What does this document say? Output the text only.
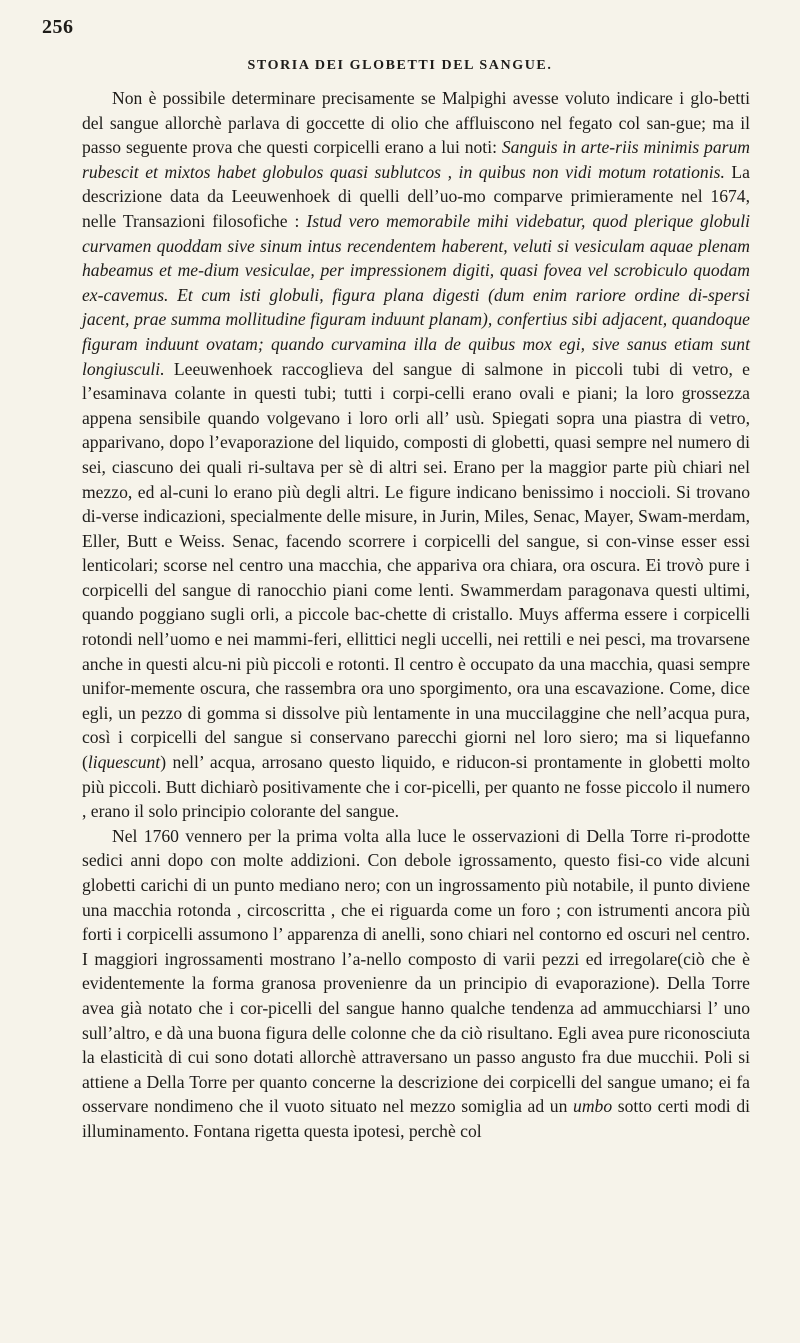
256
STORIA DEI GLOBETTI DEL SANGUE.

Non è possibile determinare precisamente se Malpighi avesse voluto indicare i glo-betti del sangue allorchè parlava di goccette di olio che affluiscono nel fegato col san-gue; ma il passo seguente prova che questi corpicelli erano a lui noti: Sanguis in arte-riis minimis parum rubescit et mixtos habet globulos quasi sublutcos , in quibus non vidi motum rotationis. La descrizione data da Leeuwenhoek di quelli dell’uo-mo comparve primieramente nel 1674, nelle Transazioni filosofiche : Istud vero memorabile mihi videbatur, quod plerique globuli curvamen quoddam sive sinum intus recendentem haberent, veluti si vesiculam aquae plenam habeamus et me-dium vesiculae, per impressionem digiti, quasi fovea vel scrobiculo quodam ex-cavemus. Et cum isti globuli, figura plana digesti (dum enim rariore ordine di-spersi jacent, prae summa mollitudine figuram induunt planam), confertius sibi adjacent, quandoque figuram induunt ovatam; quando curvamina illa de quibus mox egi, sive sanus etiam sunt longiusculi. Leeuwenhoek raccoglieva del sangue di salmone in piccoli tubi di vetro, e l’esaminava colante in questi tubi; tutti i corpi-celli erano ovali e piani; la loro grossezza appena sensibile quando volgevano i loro orli all’ usù. Spiegati sopra una piastra di vetro, apparivano, dopo l’evaporazione del liquido, composti di globetti, quasi sempre nel numero di sei, ciascuno dei quali ri-sultava per sè di altri sei. Erano per la maggior parte più chiari nel mezzo, ed al-cuni lo erano più degli altri. Le figure indicano benissimo i noccioli. Si trovano di-verse indicazioni, specialmente delle misure, in Jurin, Miles, Senac, Mayer, Swam-merdam, Eller, Butt e Weiss. Senac, facendo scorrere i corpicelli del sangue, si con-vinse esser essi lenticolari; scorse nel centro una macchia, che appariva ora chiara, ora oscura. Ei trovò pure i corpicelli del sangue di ranocchio piani come lenti. Swammerdam paragonava questi ultimi, quando poggiano sugli orli, a piccole bac-chette di cristallo. Muys afferma essere i corpicelli rotondi nell’uomo e nei mammi-feri, ellittici negli uccelli, nei rettili e nei pesci, ma trovarsene anche in questi alcu-ni più piccoli e rotonti. Il centro è occupato da una macchia, quasi sempre unifor-memente oscura, che rassembra ora uno sporgimento, ora una escavazione. Come, dice egli, un pezzo di gomma si dissolve più lentamente in una muccilaggine che nell’acqua pura, così i corpicelli del sangue si conservano parecchi giorni nel loro siero; ma si liquefanno (liquescunt) nell’ acqua, arrosano questo liquido, e riducon-si prontamente in globetti molto più piccoli. Butt dichiarò positivamente che i cor-picelli, per quanto ne fosse piccolo il numero , erano il solo principio colorante del sangue.

Nel 1760 vennero per la prima volta alla luce le osservazioni di Della Torre ri-prodotte sedici anni dopo con molte addizioni. Con debole igrossamento, questo fisi-co vide alcuni globetti carichi di un punto mediano nero; con un ingrossamento più notabile, il punto diviene una macchia rotonda , circoscritta , che ei riguarda come un foro ; con istrumenti ancora più forti i corpicelli assumono l’ apparenza di anelli, sono chiari nel contorno ed oscuri nel centro. I maggiori ingrossamenti mostrano l’a-nello composto di varii pezzi ed irregolare(ciò che è evidentemente la forma granosa provenienre da un principio di evaporazione). Della Torre avea già notato che i cor-picelli del sangue hanno qualche tendenza ad ammucchiarsi l’ uno sull’altro, e dà una buona figura delle colonne che da ciò risultano. Egli avea pure riconosciuta la elasticità di cui sono dotati allorchè attraversano un passo angusto fra due mucchii. Poli si attiene a Della Torre per quanto concerne la descrizione dei corpicelli del sangue umano; ei fa osservare nondimeno che il vuoto situato nel mezzo somiglia ad un umbo sotto certi modi di illuminamento. Fontana rigetta questa ipotesi, perchè col
